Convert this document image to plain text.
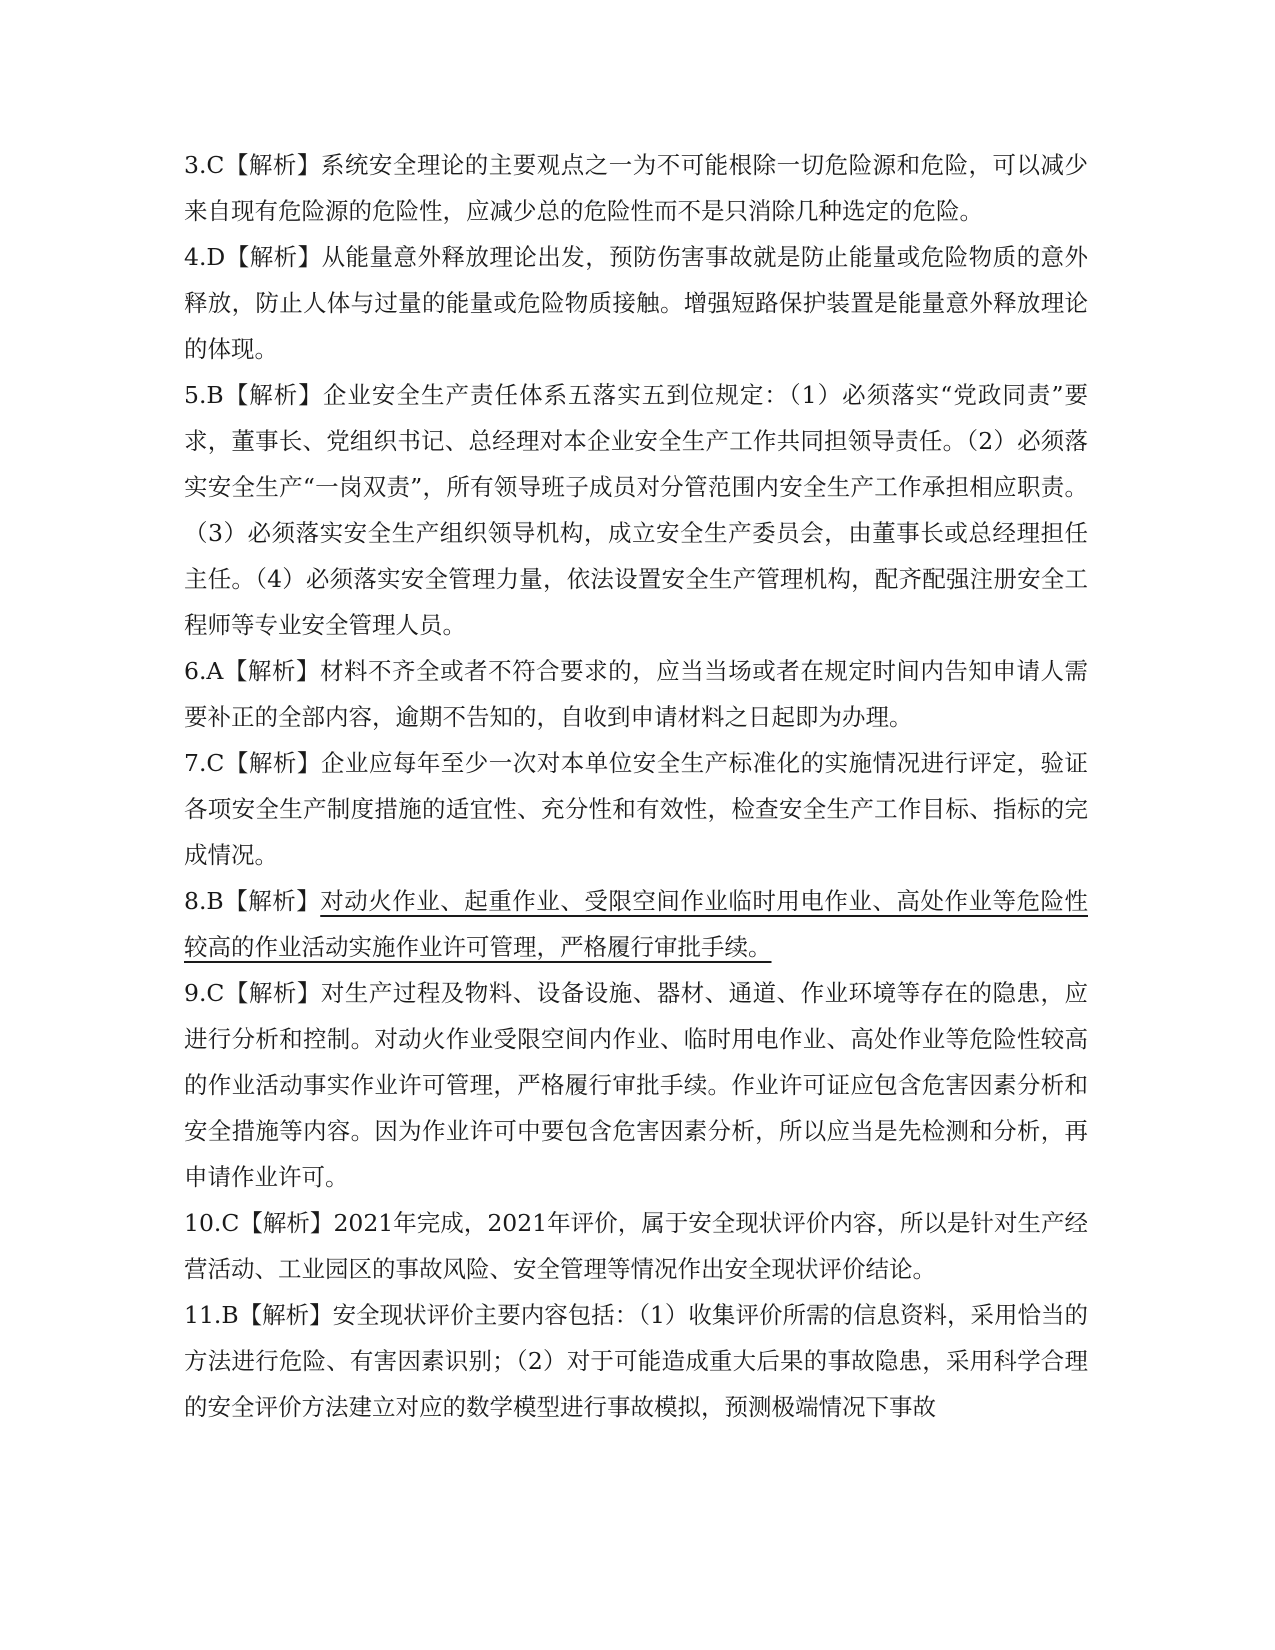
3.C【解析】系统安全理论的主要观点之一为不可能根除一切危险源和危险，可以减少来自现有危险源的危险性，应减少总的危险性而不是只消除几种选定的危险。

4.D【解析】从能量意外释放理论出发，预防伤害事故就是防止能量或危险物质的意外释放，防止人体与过量的能量或危险物质接触。增强短路保护装置是能量意外释放理论的体现。

5.B【解析】企业安全生产责任体系五落实五到位规定：（1）必须落实“党政同责”要求，董事长、党组织书记、总经理对本企业安全生产工作共同担领导责任。（2）必须落实安全生产“一岗双责”，所有领导班子成员对分管范围内安全生产工作承担相应职责。（3）必须落实安全生产组织领导机构，成立安全生产委员会，由董事长或总经理担任主任。（4）必须落实安全管理力量，依法设置安全生产管理机构，配齐配强注册安全工程师等专业安全管理人员。

6.A【解析】材料不齐全或者不符合要求的，应当当场或者在规定时间内告知申请人需要补正的全部内容，逾期不告知的，自收到申请材料之日起即为办理。

7.C【解析】企业应每年至少一次对本单位安全生产标准化的实施情况进行评定，验证各项安全生产制度措施的适宜性、充分性和有效性，检查安全生产工作目标、指标的完成情况。

8.B【解析】对动火作业、起重作业、受限空间作业临时用电作业、高处作业等危险性较高的作业活动实施作业许可管理，严格履行审批手续。

9.C【解析】对生产过程及物料、设备设施、器材、通道、作业环境等存在的隐患，应进行分析和控制。对动火作业受限空间内作业、临时用电作业、高处作业等危险性较高的作业活动事实作业许可管理，严格履行审批手续。作业许可证应包含危害因素分析和安全措施等内容。因为作业许可中要包含危害因素分析，所以应当是先检测和分析，再申请作业许可。

10.C【解析】2021年完成，2021年评价，属于安全现状评价内容，所以是针对生产经营活动、工业园区的事故风险、安全管理等情况作出安全现状评价结论。

11.B【解析】安全现状评价主要内容包括：（1）收集评价所需的信息资料，采用恰当的方法进行危险、有害因素识别；（2）对于可能造成重大后果的事故隐患，采用科学合理的安全评价方法建立对应的数学模型进行事故模拟，预测极端情况下事故
